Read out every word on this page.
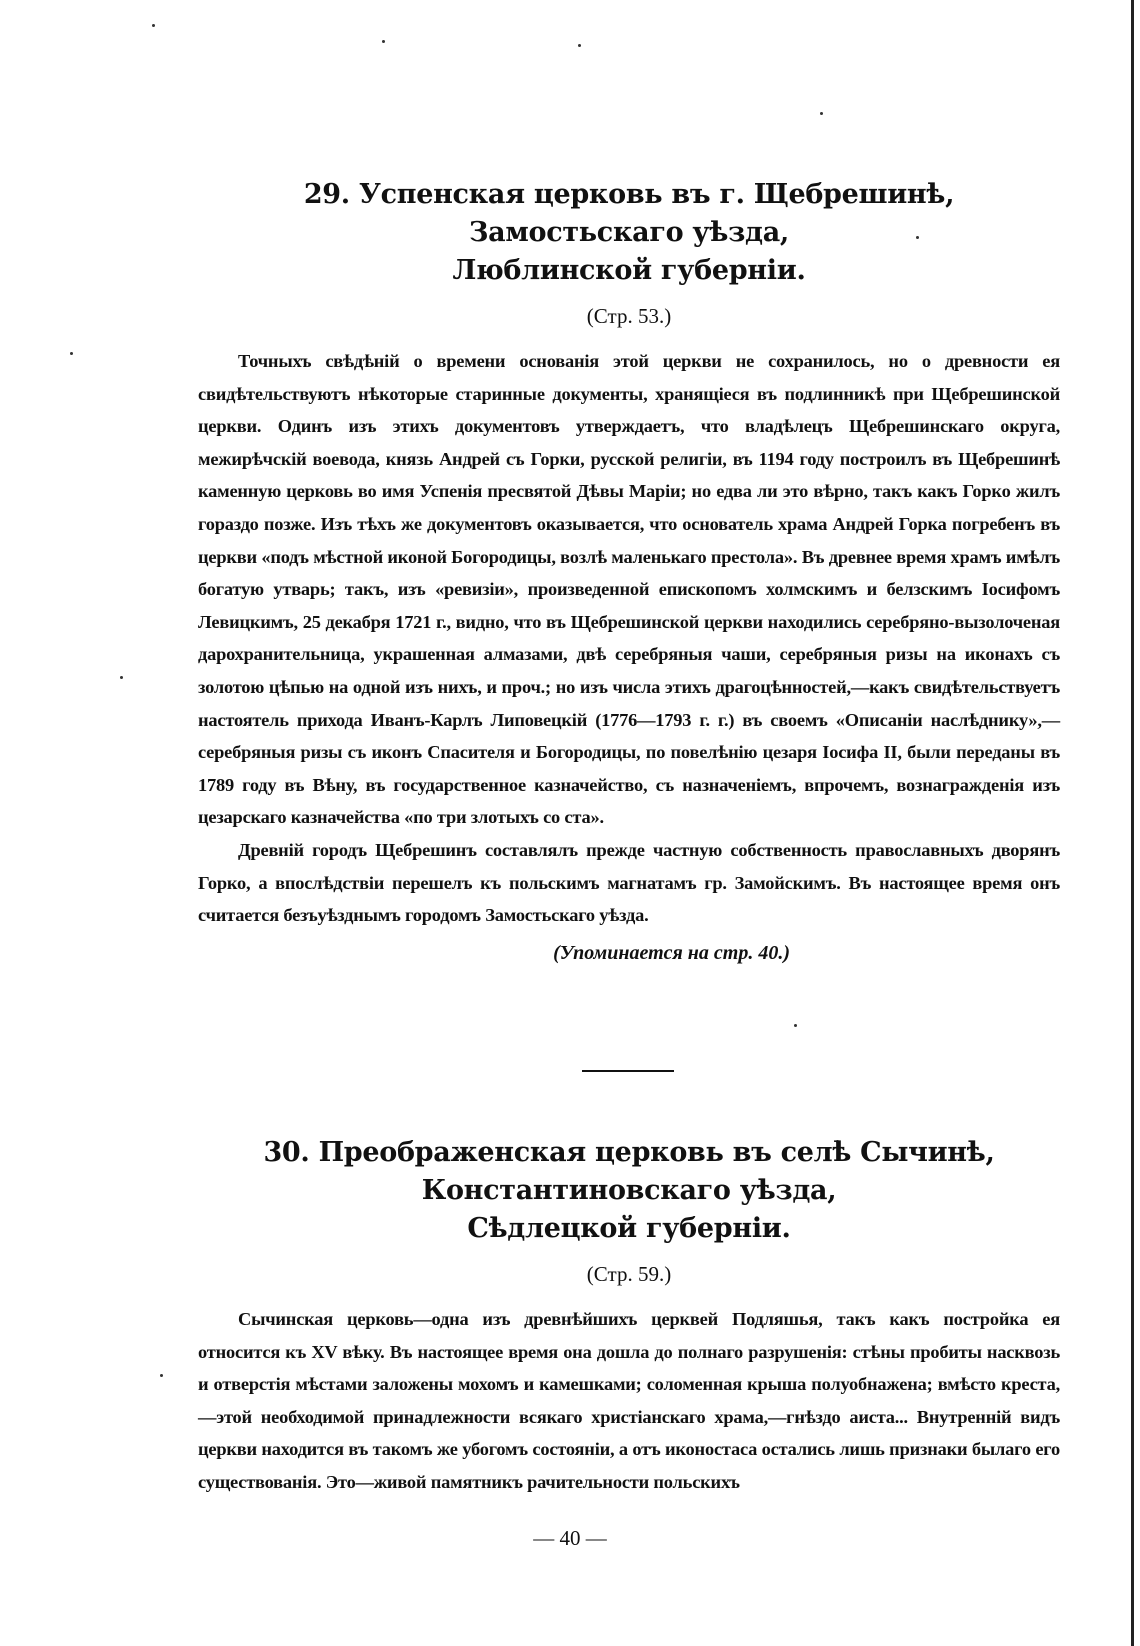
29. Успенская церковь въ г. Щебрешинѣ, Замостьскаго уѣзда,
Люблинской губерніи.
(Стр. 53.)

Точныхъ свѣдѣній о времени основанія этой церкви не сохранилось, но о древности ея свидѣтельствуютъ нѣкоторые старинные документы, хранящіеся въ подлинникѣ при Щебрешинской церкви. Одинъ изъ этихъ документовъ утверждаетъ, что владѣлецъ Щебрешинскаго округа, межирѣчскій воевода, князь Андрей съ Горки, русской религіи, въ 1194 году построилъ въ Щебрешинѣ каменную церковь во имя Успенія пресвятой Дѣвы Маріи; но едва ли это вѣрно, такъ какъ Горко жилъ гораздо позже. Изъ тѣхъ же документовъ оказывается, что основатель храма Андрей Горка погребенъ въ церкви «подъ мѣстной иконой Богородицы, возлѣ маленькаго престола». Въ древнее время храмъ имѣлъ богатую утварь; такъ, изъ «ревизіи», произведенной епископомъ холмскимъ и белзскимъ Іосифомъ Левицкимъ, 25 декабря 1721 г., видно, что въ Щебрешинской церкви находились серебряно-вызолоченая дарохранительница, украшенная алмазами, двѣ серебряныя чаши, серебряныя ризы на иконахъ съ золотою цѣпью на одной изъ нихъ, и проч.; но изъ числа этихъ драгоцѣнностей,—какъ свидѣтельствуетъ настоятель прихода Иванъ-Карлъ Липовецкій (1776—1793 г. г.) въ своемъ «Описаніи наслѣднику»,—серебряныя ризы съ иконъ Спасителя и Богородицы, по повелѣнію цезаря Іосифа II, были переданы въ 1789 году въ Вѣну, въ государственное казначейство, съ назначеніемъ, впрочемъ, вознагражденія изъ цезарскаго казначейства «по три злотыхъ со ста».

Древній городъ Щебрешинъ составлялъ прежде частную собственность православныхъ дворянъ Горко, а впослѣдствіи перешелъ къ польскимъ магнатамъ гр. Замойскимъ. Въ настоящее время онъ считается безъуѣзднымъ городомъ Замостьскаго уѣзда.

(Упоминается на стр. 40.)
30. Преображенская церковь въ селѣ Сычинѣ, Константиновскаго уѣзда,
Сѣдлецкой губерніи.
(Стр. 59.)

Сычинская церковь—одна изъ древнѣйшихъ церквей Подляшья, такъ какъ постройка ея относится къ XV вѣку. Въ настоящее время она дошла до полнаго разрушенія: стѣны пробиты насквозь и отверстія мѣстами заложены мохомъ и камешками; соломенная крыша полуобнажена; вмѣсто креста,—этой необходимой принадлежности всякаго христіанскаго храма,—гнѣздо аиста... Внутренній видъ церкви находится въ такомъ же убогомъ состояніи, а отъ иконостаса остались лишь признаки былаго его существованія. Это—живой памятникъ рачительности польскихъ

— 40 —
